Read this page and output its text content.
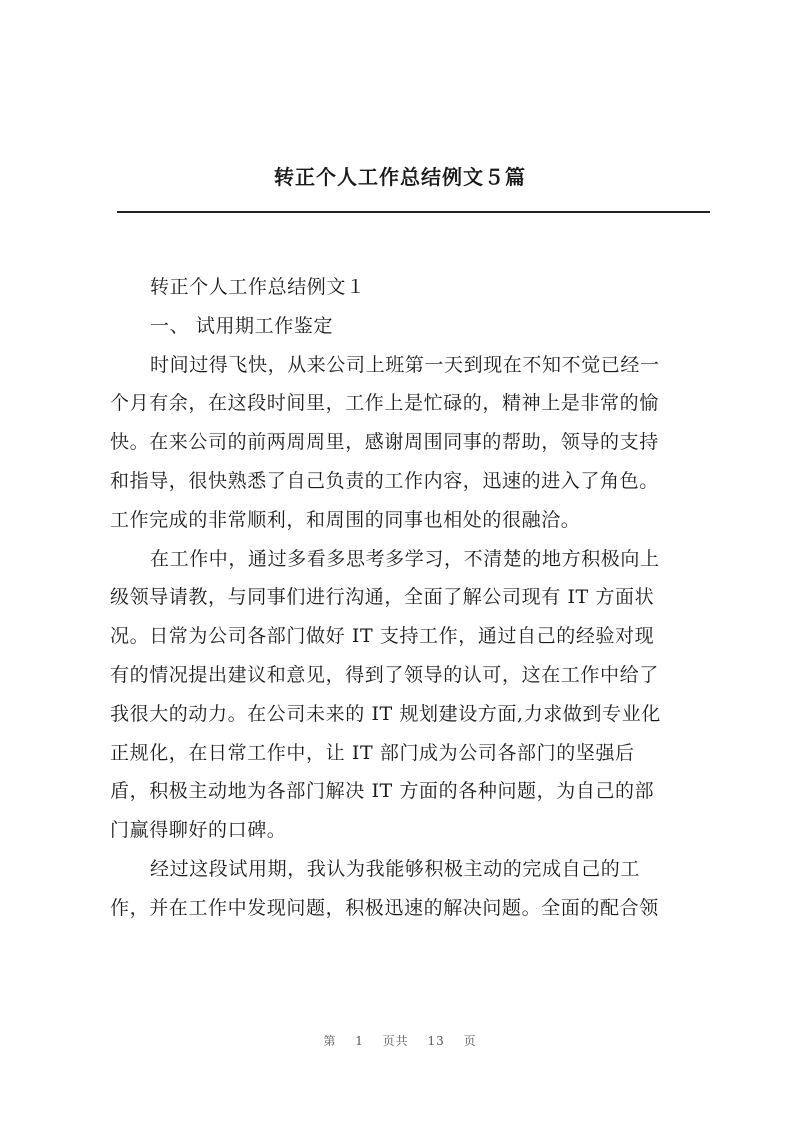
转正个人工作总结例文５篇
转正个人工作总结例文１
一、 试用期工作鉴定
时间过得飞快，从来公司上班第一天到现在不知不觉已经一
个月有余，在这段时间里，工作上是忙碌的，精神上是非常的愉
快。在来公司的前两周周里，感谢周围同事的帮助，领导的支持
和指导，很快熟悉了自己负责的工作内容，迅速的进入了角色。
工作完成的非常顺利，和周围的同事也相处的很融洽。
在工作中，通过多看多思考多学习，不清楚的地方积极向上
级领导请教，与同事们进行沟通，全面了解公司现有 IT 方面状
况。日常为公司各部门做好 IT 支持工作，通过自己的经验对现
有的情况提出建议和意见，得到了领导的认可，这在工作中给了
我很大的动力。在公司未来的 IT 规划建设方面,力求做到专业化
正规化，在日常工作中，让 IT 部门成为公司各部门的坚强后
盾，积极主动地为各部门解决 IT 方面的各种问题，为自己的部
门赢得聊好的口碑。
经过这段试用期，我认为我能够积极主动的完成自己的工
作，并在工作中发现问题，积极迅速的解决问题。全面的配合领
第 1 页共 13 页
